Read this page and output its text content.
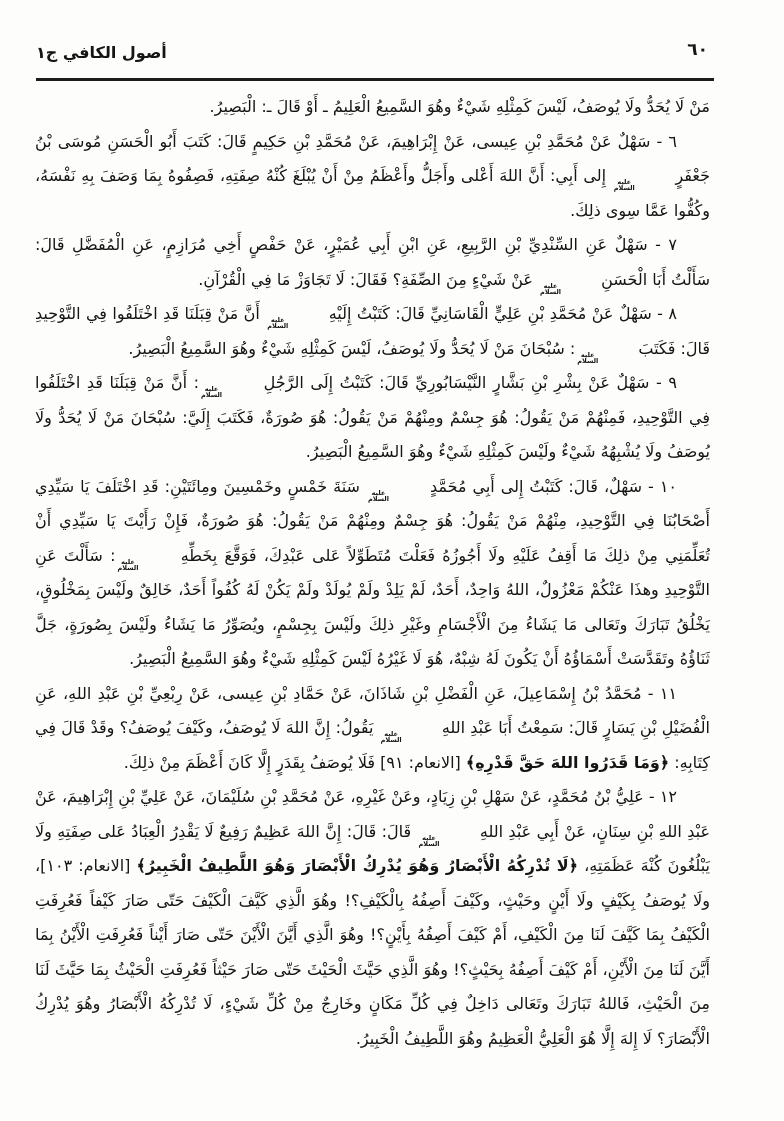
أصول الكافي ج١	٦٠

مَنْ لَا يُحَدُّ ولَا يُوصَفُ، لَيْسَ كَمِثْلِهِ شَيْءٌ وهُوَ السَّمِيعُ الْعَلِيمُ ـ أَوْ قَالَ ـ: الْبَصِيرُ.

٦ - سَهْلٌ عَنْ مُحَمَّدِ بْنِ عِيسى، عَنْ إِبْرَاهِيمَ، عَنْ مُحَمَّدِ بْنِ حَكِيمٍ قَالَ: كَتَبَ أَبُو الْحَسَنِ مُوسَى بْنُ جَعْفَرٍ
عليه
السلام
إِلى أَبِي: أَنَّ اللهَ أَعْلى وأَجَلُّ وأَعْظَمُ مِنْ أَنْ يُبْلَغَ كُنْهُ صِفَتِهِ، فَصِفُوهُ بِمَا وَصَفَ بِهِ نَفْسَهُ، وكُفُّوا عَمَّا سِوى ذلِكَ.

٧ - سَهْلٌ عَنِ السِّنْدِيِّ بْنِ الرَّبِيعِ، عَنِ ابْنِ أَبِي عُمَيْرٍ، عَنْ حَفْصٍ أَخِي مُرَازِمٍ، عَنِ الْمُفَضَّلِ قَالَ: سَأَلْتُ أَبَا الْحَسَنِ
عليه
السلام
عَنْ شَيْءٍ مِنَ الصِّفَةِ؟ فَقَالَ: لَا تَجَاوَزْ مَا فِي الْقُرْآنِ.

٨ - سَهْلٌ عَنْ مُحَمَّدِ بْنِ عَلِيٍّ الْقَاسَانِيِّ قَالَ: كَتَبْتُ إِلَيْهِ
عليه
السلام
أَنَّ مَنْ قِبَلَنَا قَدِ اخْتَلَفُوا فِي التَّوْحِيدِ قَالَ: فَكَتَبَ
عليه
السلام
: سُبْحَانَ مَنْ لَا يُحَدُّ ولَا يُوصَفُ، لَيْسَ كَمِثْلِهِ شَيْءٌ وهُوَ السَّمِيعُ الْبَصِيرُ.

٩ - سَهْلٌ عَنْ بِشْرِ بْنِ بَشَّارٍ النَّيْسَابُورِيِّ قَالَ: كَتَبْتُ إِلَى الرَّجُلِ
عليه
السلام
: أَنَّ مَنْ قِبَلَنَا قَدِ اخْتَلَفُوا فِي التَّوْحِيدِ، فَمِنْهُمْ مَنْ يَقُولُ: هُوَ جِسْمٌ ومِنْهُمْ مَنْ يَقُولُ: هُوَ صُورَةٌ، فَكَتَبَ إِلَيَّ: سُبْحَانَ مَنْ لَا يُحَدُّ ولَا يُوصَفُ ولَا يُشْبِهُهُ شَيْءٌ ولَيْسَ كَمِثْلِهِ شَيْءٌ وهُوَ السَّمِيعُ الْبَصِيرُ.

١٠ - سَهْلٌ، قَالَ: كَتَبْتُ إِلى أَبِي مُحَمَّدٍ
عليه
السلام
سَنَةَ خَمْسٍ وخَمْسِينَ ومِائَتَيْنِ: قَدِ اخْتَلَفَ يَا سَيِّدِي أَصْحَابُنَا فِي التَّوْحِيدِ، مِنْهُمْ مَنْ يَقُولُ: هُوَ جِسْمٌ ومِنْهُمْ مَنْ يَقُولُ: هُوَ صُورَةٌ، فَإِنْ رَأَيْتَ يَا سَيِّدِي أَنْ تُعَلِّمَنِي مِنْ ذلِكَ مَا أَقِفُ عَلَيْهِ ولَا أَجُوزُهُ فَعَلْتَ مُتَطَوِّلاً عَلى عَبْدِكَ، فَوَقَّعَ بِخَطِّهِ
عليه
السلام
: سَأَلْتَ عَنِ التَّوْحِيدِ وهذَا عَنْكُمْ مَعْزُولٌ، اللهُ وَاحِدٌ، أَحَدٌ، لَمْ يَلِدْ ولَمْ يُولَدْ ولَمْ يَكُنْ لَهُ كُفُواً أَحَدٌ، خَالِقٌ ولَيْسَ بِمَخْلُوقٍ، يَخْلُقُ تَبَارَكَ وتَعَالى مَا يَشَاءُ مِنَ الْأَجْسَامِ وغَيْرِ ذلِكَ ولَيْسَ بِجِسْمٍ، ويُصَوِّرُ مَا يَشَاءُ ولَيْسَ بِصُورَةٍ، جَلَّ ثَنَاؤُهُ وتَقَدَّسَتْ أَسْمَاؤُهُ أَنْ يَكُونَ لَهُ شِبْهٌ، هُوَ لَا غَيْرُهُ لَيْسَ كَمِثْلِهِ شَيْءٌ وهُوَ السَّمِيعُ الْبَصِيرُ.

١١ - مُحَمَّدُ بْنُ إِسْمَاعِيلَ، عَنِ الْفَضْلِ بْنِ شَاذَانَ، عَنْ حَمَّادِ بْنِ عِيسى، عَنْ رِبْعِيِّ بْنِ عَبْدِ اللهِ، عَنِ الْفُضَيْلِ بْنِ يَسَارٍ قَالَ: سَمِعْتُ أَبَا عَبْدِ اللهِ
عليه
السلام
يَقُولُ: إِنَّ اللهَ لَا يُوصَفُ، وكَيْفَ يُوصَفُ؟ وقَدْ قَالَ فِي كِتَابِهِ: ﴿وَمَا قَدَرُوا اللهَ حَقَّ قَدْرِهِ﴾ [الانعام: ٩١] فَلَا يُوصَفُ بِقَدَرٍ إِلَّا كَانَ أَعْظَمَ مِنْ ذلِكَ.

١٢ - عَلِيُّ بْنُ مُحَمَّدٍ، عَنْ سَهْلِ بْنِ زِيَادٍ، وعَنْ غَيْرِهِ، عَنْ مُحَمَّدِ بْنِ سُلَيْمَانَ، عَنْ عَلِيِّ بْنِ إِبْرَاهِيمَ، عَنْ عَبْدِ اللهِ بْنِ سِنَانٍ، عَنْ أَبِي عَبْدِ اللهِ
عليه
السلام
قَالَ: قَالَ: إِنَّ اللهَ عَظِيمٌ رَفِيعٌ لَا يَقْدِرُ الْعِبَادُ عَلى صِفَتِهِ ولَا يَبْلُغُونَ كُنْهَ عَظَمَتِهِ، ﴿لَا تُدْرِكُهُ الْأَبْصَارُ وَهُوَ يُدْرِكُ الْأَبْصَارَ وَهُوَ اللَّطِيفُ الْخَبِيرُ﴾ [الانعام: ١٠٣]، ولَا يُوصَفُ بِكَيْفٍ ولَا أَيْنٍ وحَيْثٍ، وكَيْفَ أَصِفُهُ بِالْكَيْفِ؟! وهُوَ الَّذِي كَيَّفَ الْكَيْفَ حَتّى صَارَ كَيْفاً فَعُرِفَتِ الْكَيْفُ بِمَا كَيَّفَ لَنَا مِنَ الْكَيْفِ، أَمْ كَيْفَ أَصِفُهُ بِأَيْنٍ؟! وهُوَ الَّذِي أَيَّنَ الْأَيْنَ حَتّى صَارَ أَيْناً فَعُرِفَتِ الْأَيْنُ بِمَا أَيَّنَ لَنَا مِنَ الْأَيْنِ، أَمْ كَيْفَ أَصِفُهُ بِحَيْثٍ؟! وهُوَ الَّذِي حَيَّثَ الْحَيْثَ حَتّى صَارَ حَيْثاً فَعُرِفَتِ الْحَيْثُ بِمَا حَيَّثَ لَنَا مِنَ الْحَيْثِ، فَاللهُ تَبَارَكَ وتَعَالى دَاخِلٌ فِي كُلِّ مَكَانٍ وخَارِجٌ مِنْ كُلِّ شَيْءٍ، لَا تُدْرِكُهُ الْأَبْصَارُ وهُوَ يُدْرِكُ الْأَبْصَارَ؟ لَا إِلهَ إِلَّا هُوَ الْعَلِيُّ الْعَظِيمُ وهُوَ اللَّطِيفُ الْخَبِيرُ.
